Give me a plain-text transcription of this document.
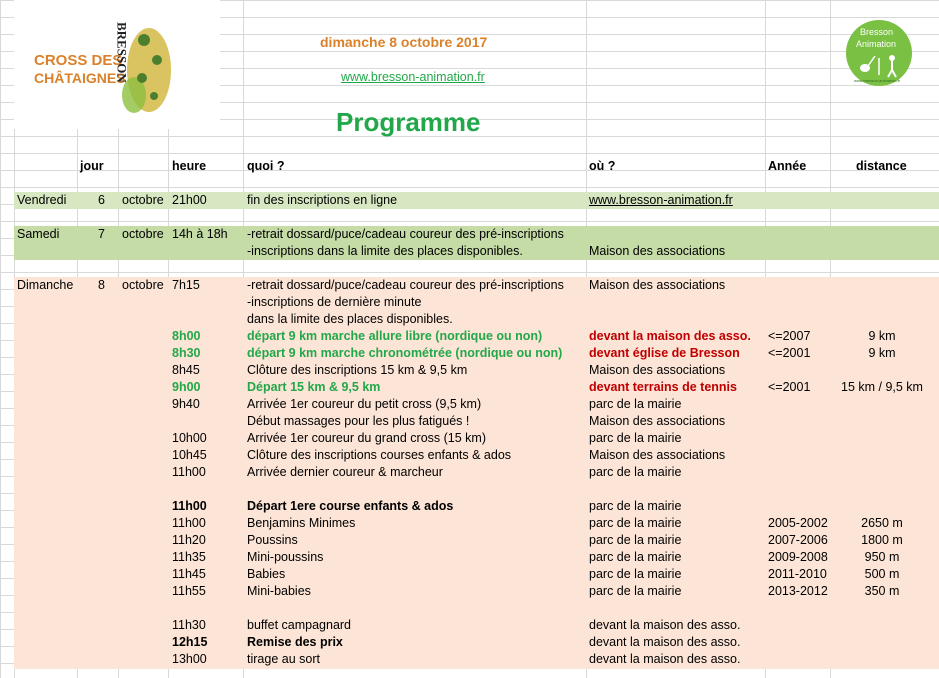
CROSS DES
CHÂTAIGNES
BRESSON	dimanche 8 octobre 2017
www.bresson-animation.fr
Programme
Bresson
Animation
www.bresson-animation.fr
jour	heure	quoi ?	où ?	Année	distance
Vendredi	6 octobre 21h00	fin des inscriptions en ligne	www.bresson-animation.fr
Samedi	7 octobre 14h à 18h	-retrait dossard/puce/cadeau coureur des pré-inscriptions
-inscriptions dans la limite des places disponibles.	Maison des associations
Dimanche	8 octobre 7h15	-retrait dossard/puce/cadeau coureur des pré-inscriptions	Maison des associations
-inscriptions de dernière minute
dans la limite des places disponibles.
8h00	départ 9 km marche allure libre (nordique ou non)	devant la maison des asso.	<=2007	9 km
8h30	départ 9 km marche chronométrée (nordique ou non)	devant église de Bresson	<=2001	9 km
8h45	Clôture des inscriptions 15 km & 9,5 km	Maison des associations
9h00	Départ 15 km & 9,5 km	devant terrains de tennis	<=2001	15 km / 9,5 km
9h40	Arrivée 1er coureur du petit cross (9,5 km)	parc de la mairie
Début massages pour les plus fatigués !	Maison des associations
10h00	Arrivée 1er coureur du grand cross (15 km)	parc de la mairie
10h45	Clôture des inscriptions courses enfants & ados	Maison des associations
11h00	Arrivée dernier coureur & marcheur	parc de la mairie
11h00	Départ 1ere course enfants & ados	parc de la mairie
11h00	Benjamins Minimes	parc de la mairie	2005-2002	2650 m
11h20	Poussins	parc de la mairie	2007-2006	1800 m
11h35	Mini-poussins	parc de la mairie	2009-2008	950 m
11h45	Babies	parc de la mairie	2011-2010	500 m
11h55	Mini-babies	parc de la mairie	2013-2012	350 m
11h30	buffet campagnard	devant la maison des asso.
12h15	Remise des prix	devant la maison des asso.
13h00	tirage au sort	devant la maison des asso.
